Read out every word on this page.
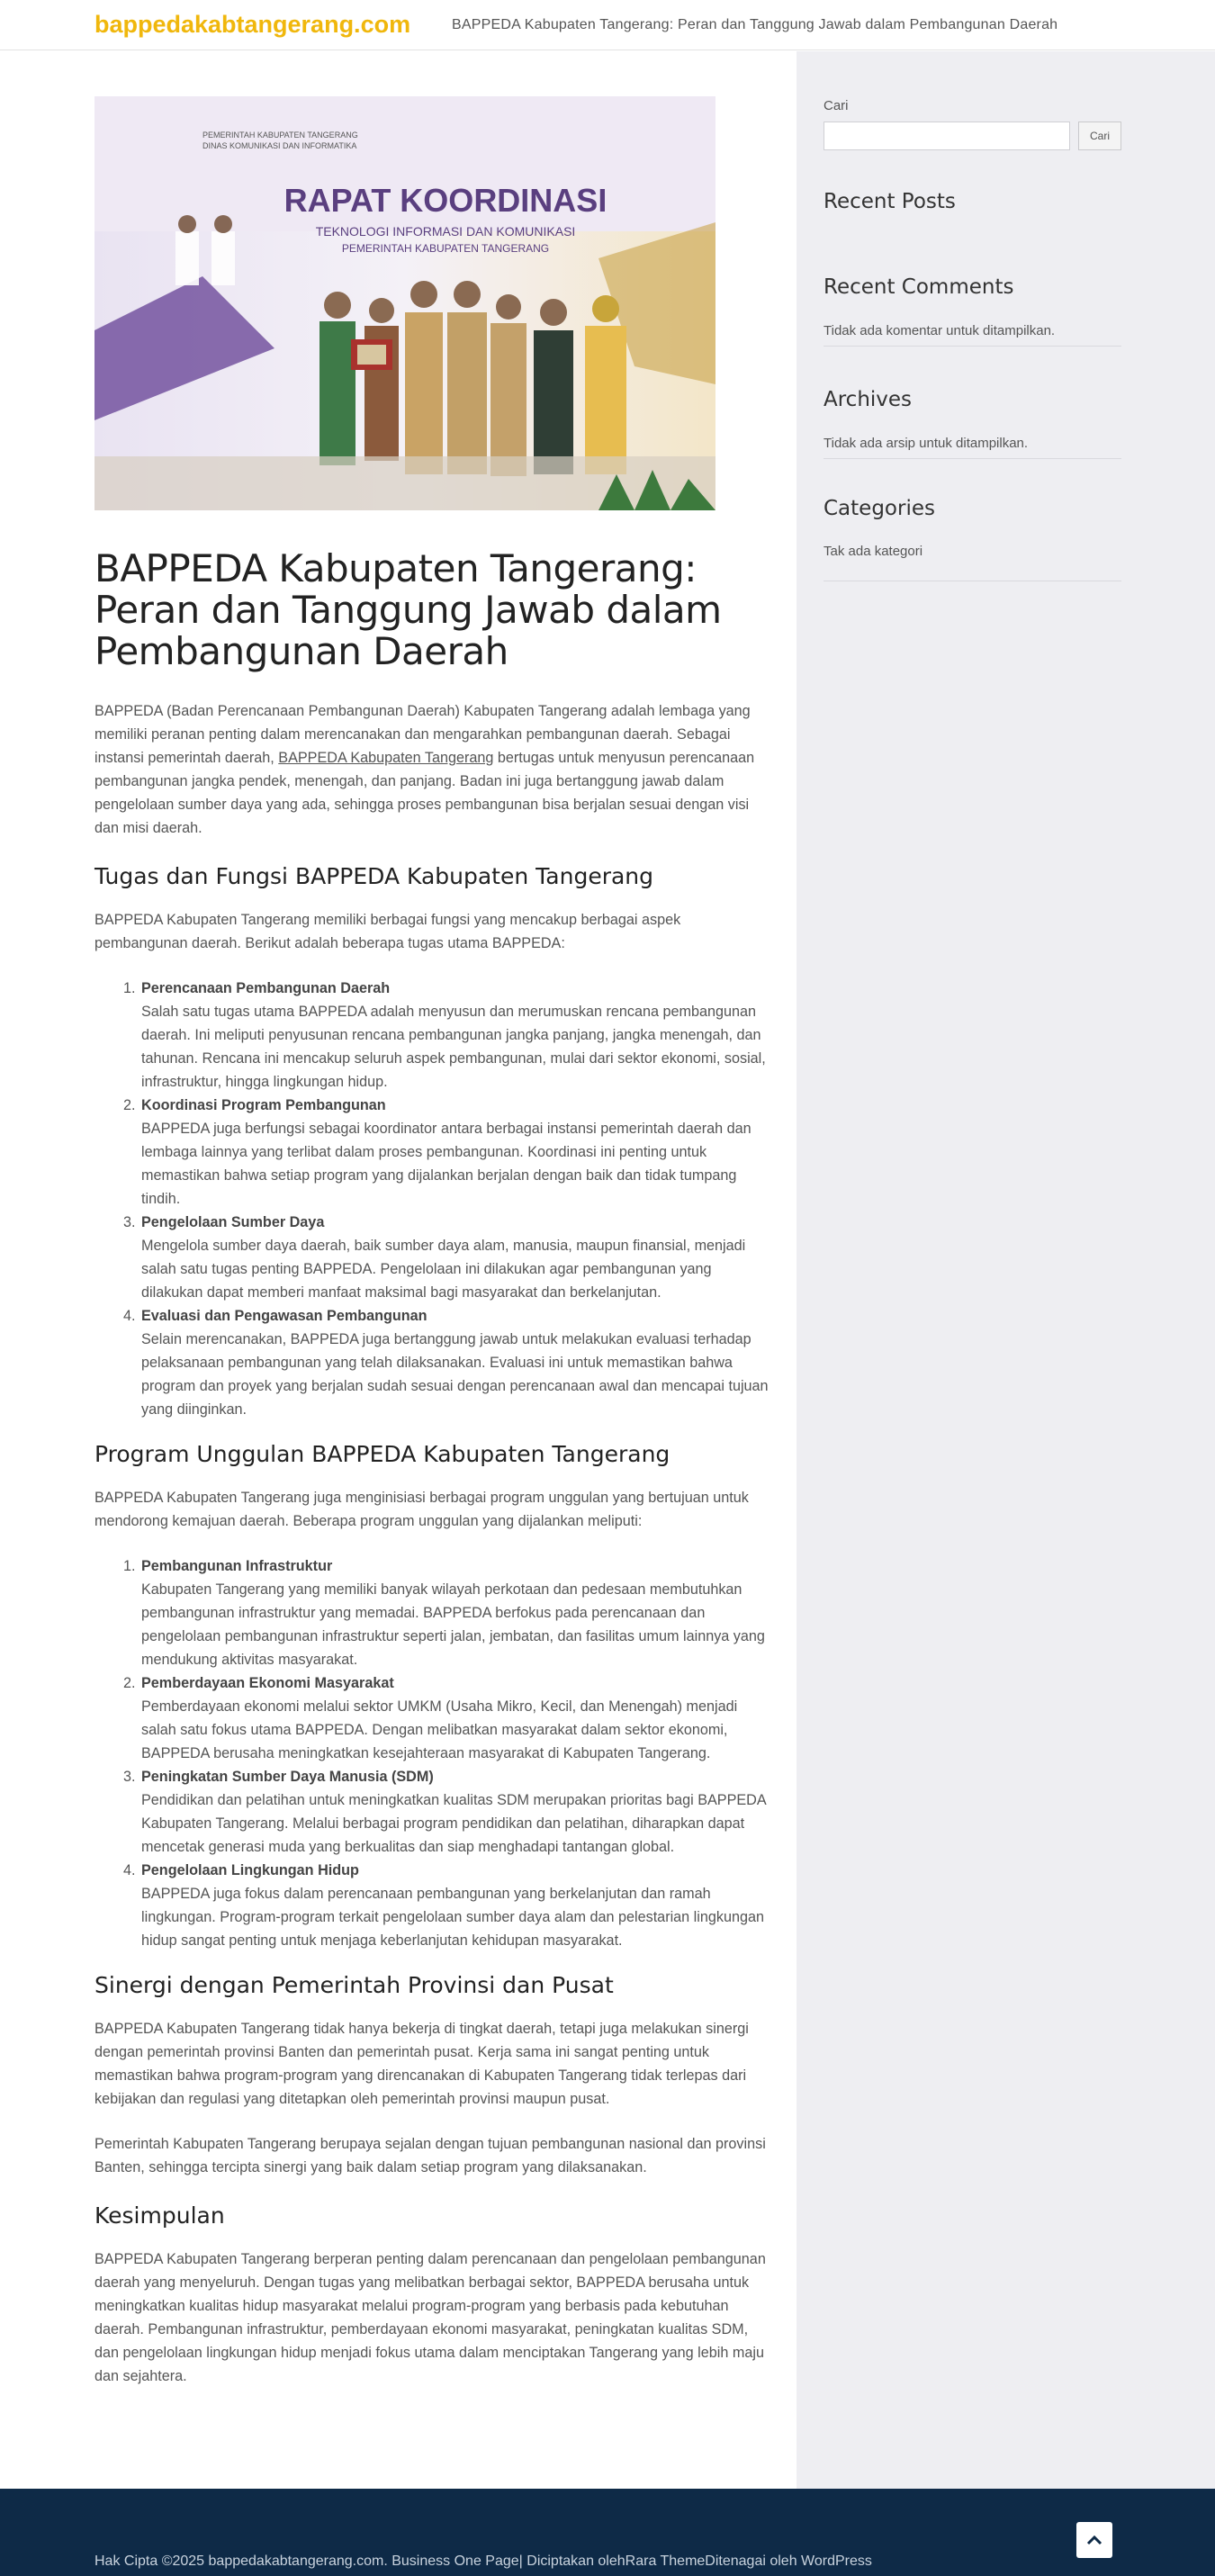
bappedakabtangerang.com	BAPPEDA Kabupaten Tangerang: Peran dan Tanggung Jawab dalam Pembangunan Daerah
PEMERINTAH KABUPATEN TANGERANG
DINAS KOMUNIKASI DAN INFORMATIKA
RAPAT KOORDINASI
TEKNOLOGI INFORMASI DAN KOMUNIKASI
PEMERINTAH KABUPATEN TANGERANG
BAPPEDA Kabupaten Tangerang: Peran dan Tanggung Jawab dalam Pembangunan Daerah

BAPPEDA (Badan Perencanaan Pembangunan Daerah) Kabupaten Tangerang adalah lembaga yang memiliki peranan penting dalam merencanakan dan mengarahkan pembangunan daerah. Sebagai instansi pemerintah daerah, BAPPEDA Kabupaten Tangerang bertugas untuk menyusun perencanaan pembangunan jangka pendek, menengah, dan panjang. Badan ini juga bertanggung jawab dalam pengelolaan sumber daya yang ada, sehingga proses pembangunan bisa berjalan sesuai dengan visi dan misi daerah.

Tugas dan Fungsi BAPPEDA Kabupaten Tangerang

BAPPEDA Kabupaten Tangerang memiliki berbagai fungsi yang mencakup berbagai aspek pembangunan daerah. Berikut adalah beberapa tugas utama BAPPEDA:

1. Perencanaan Pembangunan Daerah
Salah satu tugas utama BAPPEDA adalah menyusun dan merumuskan rencana pembangunan daerah. Ini meliputi penyusunan rencana pembangunan jangka panjang, jangka menengah, dan tahunan. Rencana ini mencakup seluruh aspek pembangunan, mulai dari sektor ekonomi, sosial, infrastruktur, hingga lingkungan hidup.
2. Koordinasi Program Pembangunan
BAPPEDA juga berfungsi sebagai koordinator antara berbagai instansi pemerintah daerah dan lembaga lainnya yang terlibat dalam proses pembangunan. Koordinasi ini penting untuk memastikan bahwa setiap program yang dijalankan berjalan dengan baik dan tidak tumpang tindih.
3. Pengelolaan Sumber Daya
Mengelola sumber daya daerah, baik sumber daya alam, manusia, maupun finansial, menjadi salah satu tugas penting BAPPEDA. Pengelolaan ini dilakukan agar pembangunan yang dilakukan dapat memberi manfaat maksimal bagi masyarakat dan berkelanjutan.
4. Evaluasi dan Pengawasan Pembangunan
Selain merencanakan, BAPPEDA juga bertanggung jawab untuk melakukan evaluasi terhadap pelaksanaan pembangunan yang telah dilaksanakan. Evaluasi ini untuk memastikan bahwa program dan proyek yang berjalan sudah sesuai dengan perencanaan awal dan mencapai tujuan yang diinginkan.
Program Unggulan BAPPEDA Kabupaten Tangerang

BAPPEDA Kabupaten Tangerang juga menginisiasi berbagai program unggulan yang bertujuan untuk mendorong kemajuan daerah. Beberapa program unggulan yang dijalankan meliputi:

1. Pembangunan Infrastruktur
Kabupaten Tangerang yang memiliki banyak wilayah perkotaan dan pedesaan membutuhkan pembangunan infrastruktur yang memadai. BAPPEDA berfokus pada perencanaan dan pengelolaan pembangunan infrastruktur seperti jalan, jembatan, dan fasilitas umum lainnya yang mendukung aktivitas masyarakat.
2. Pemberdayaan Ekonomi Masyarakat
Pemberdayaan ekonomi melalui sektor UMKM (Usaha Mikro, Kecil, dan Menengah) menjadi salah satu fokus utama BAPPEDA. Dengan melibatkan masyarakat dalam sektor ekonomi, BAPPEDA berusaha meningkatkan kesejahteraan masyarakat di Kabupaten Tangerang.
3. Peningkatan Sumber Daya Manusia (SDM)
Pendidikan dan pelatihan untuk meningkatkan kualitas SDM merupakan prioritas bagi BAPPEDA Kabupaten Tangerang. Melalui berbagai program pendidikan dan pelatihan, diharapkan dapat mencetak generasi muda yang berkualitas dan siap menghadapi tantangan global.
4. Pengelolaan Lingkungan Hidup
BAPPEDA juga fokus dalam perencanaan pembangunan yang berkelanjutan dan ramah lingkungan. Program-program terkait pengelolaan sumber daya alam dan pelestarian lingkungan hidup sangat penting untuk menjaga keberlanjutan kehidupan masyarakat.
Sinergi dengan Pemerintah Provinsi dan Pusat

BAPPEDA Kabupaten Tangerang tidak hanya bekerja di tingkat daerah, tetapi juga melakukan sinergi dengan pemerintah provinsi Banten dan pemerintah pusat. Kerja sama ini sangat penting untuk memastikan bahwa program-program yang direncanakan di Kabupaten Tangerang tidak terlepas dari kebijakan dan regulasi yang ditetapkan oleh pemerintah provinsi maupun pusat.

Pemerintah Kabupaten Tangerang berupaya sejalan dengan tujuan pembangunan nasional dan provinsi Banten, sehingga tercipta sinergi yang baik dalam setiap program yang dilaksanakan.

Kesimpulan

BAPPEDA Kabupaten Tangerang berperan penting dalam perencanaan dan pengelolaan pembangunan daerah yang menyeluruh. Dengan tugas yang melibatkan berbagai sektor, BAPPEDA berusaha untuk meningkatkan kualitas hidup masyarakat melalui program-program yang berbasis pada kebutuhan daerah. Pembangunan infrastruktur, pemberdayaan ekonomi masyarakat, peningkatan kualitas SDM, dan pengelolaan lingkungan hidup menjadi fokus utama dalam menciptakan Tangerang yang lebih maju dan sejahtera.

Cari
Cari
Recent Posts
Recent Comments
Tidak ada komentar untuk ditampilkan.
Archives
Tidak ada arsip untuk ditampilkan.
Categories
Tak ada kategori
Hak Cipta ©2025 bappedakabtangerang.com. Business One Page| Diciptakan olehRara ThemeDitenagai oleh WordPress
